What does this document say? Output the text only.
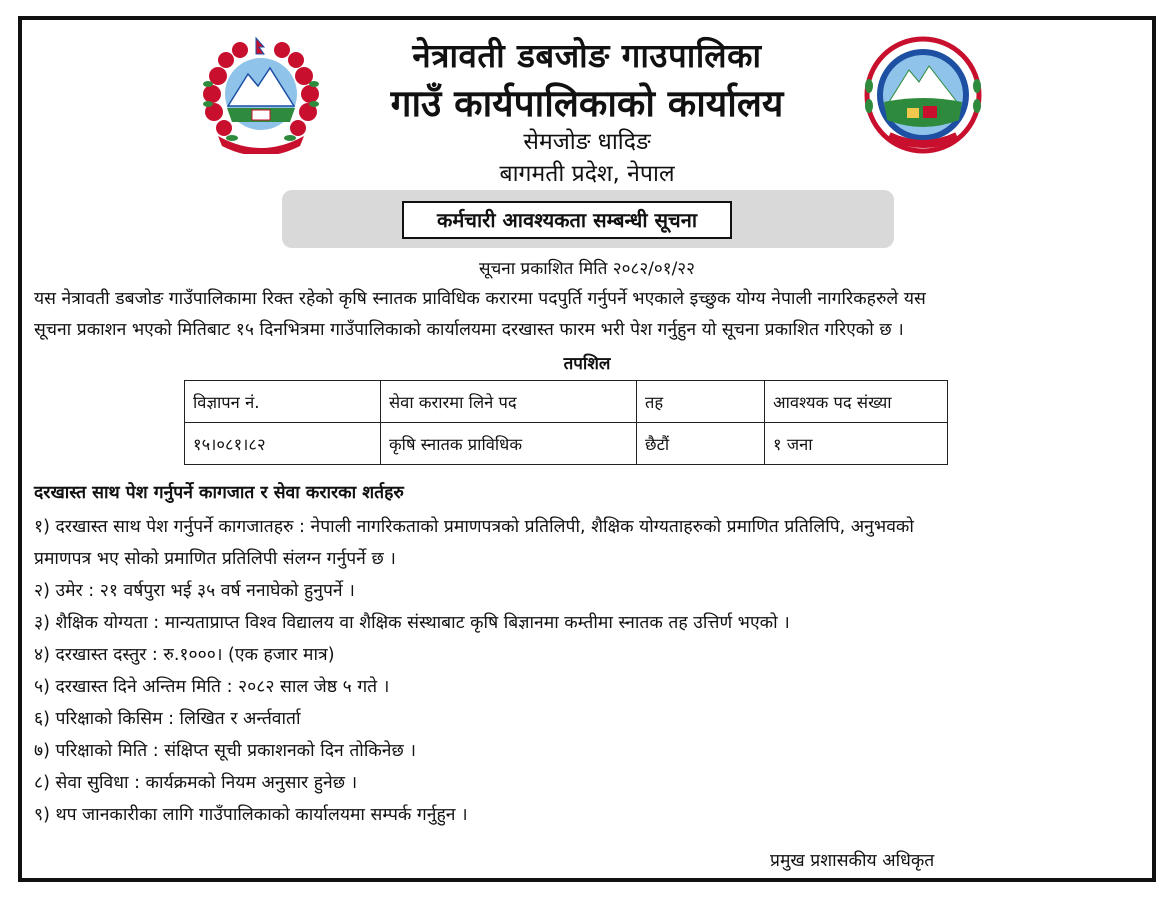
नेत्रावती डबजोङ गाउपालिका
गाउँ कार्यपालिकाको कार्यालय
सेमजोङ धादिङ
बागमती प्रदेश, नेपाल
कर्मचारी आवश्यकता सम्बन्धी सूचना
सूचना प्रकाशित मिति २०८२/०१/२२
यस नेत्रावती डबजोङ गाउँपालिकामा रिक्त रहेको कृषि स्नातक प्राविधिक करारमा पदपुर्ति गर्नुपर्ने भएकाले इच्छुक योग्य नेपाली नागरिकहरुले यस
सूचना प्रकाशन भएको मितिबाट १५ दिनभित्रमा गाउँपालिकाको कार्यालयमा दरखास्त फारम भरी पेश गर्नुहुन यो सूचना प्रकाशित गरिएको छ ।
तपशिल
विज्ञापन नं.	सेवा करारमा लिने पद	तह	आवश्यक पद संख्या
१५।०८१।८२	कृषि स्नातक प्राविधिक	छैटौं	१ जना
दरखास्त साथ पेश गर्नुपर्ने कागजात र सेवा करारका शर्तहरु
१) दरखास्त साथ पेश गर्नुपर्ने कागजातहरु : नेपाली नागरिकताको प्रमाणपत्रको प्रतिलिपी, शैक्षिक योग्यताहरुको प्रमाणित प्रतिलिपि, अनुभवको
प्रमाणपत्र भए सोको प्रमाणित प्रतिलिपी संलग्न गर्नुपर्ने छ ।
२) उमेर : २१ वर्षपुरा भई ३५ वर्ष ननाघेको हुनुपर्ने ।
३) शैक्षिक योग्यता : मान्यताप्राप्त विश्व विद्यालय वा शैक्षिक संस्थाबाट कृषि बिज्ञानमा कम्तीमा स्नातक तह उत्तिर्ण भएको ।
४) दरखास्त दस्तुर : रु.१०००। (एक हजार मात्र)
५) दरखास्त दिने अन्तिम मिति : २०८२ साल जेष्ठ ५ गते ।
६) परिक्षाको किसिम : लिखित र अर्न्तवार्ता
७) परिक्षाको मिति : संक्षिप्त सूची प्रकाशनको दिन तोकिनेछ ।
८) सेवा सुविधा : कार्यक्रमको नियम अनुसार हुनेछ ।
९) थप जानकारीका लागि गाउँपालिकाको कार्यालयमा सम्पर्क गर्नुहुन ।
प्रमुख प्रशासकीय अधिकृत
